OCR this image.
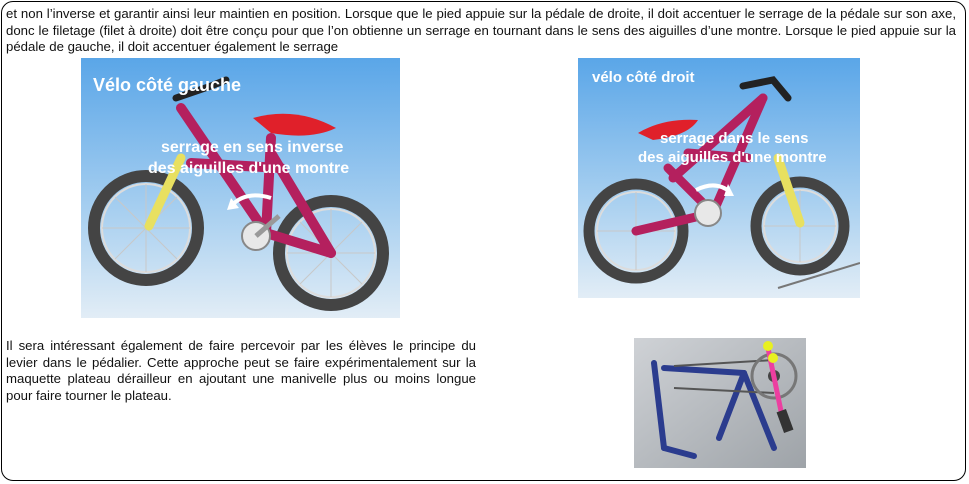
et non l’inverse et garantir ainsi leur maintien en position. Lorsque que le pied appuie sur la pédale de droite, il doit accentuer le serrage de la pédale sur son axe, donc le filetage (filet à droite) doit être conçu pour que l’on obtienne un serrage en tournant dans le sens des aiguilles d’une montre. Lorsque le pied appuie sur la pédale de gauche, il doit accentuer également le serrage

Vélo côté gauche
serrage en sens inverse
des aiguilles d'une montre
vélo côté droit
serrage dans le sens
des aiguilles d'une montre

Il sera intéressant également de faire percevoir par les élèves le principe du levier dans le pédalier. Cette approche peut se faire expérimentalement sur la maquette plateau dérailleur en ajoutant une manivelle plus ou moins longue pour faire tourner le plateau.
